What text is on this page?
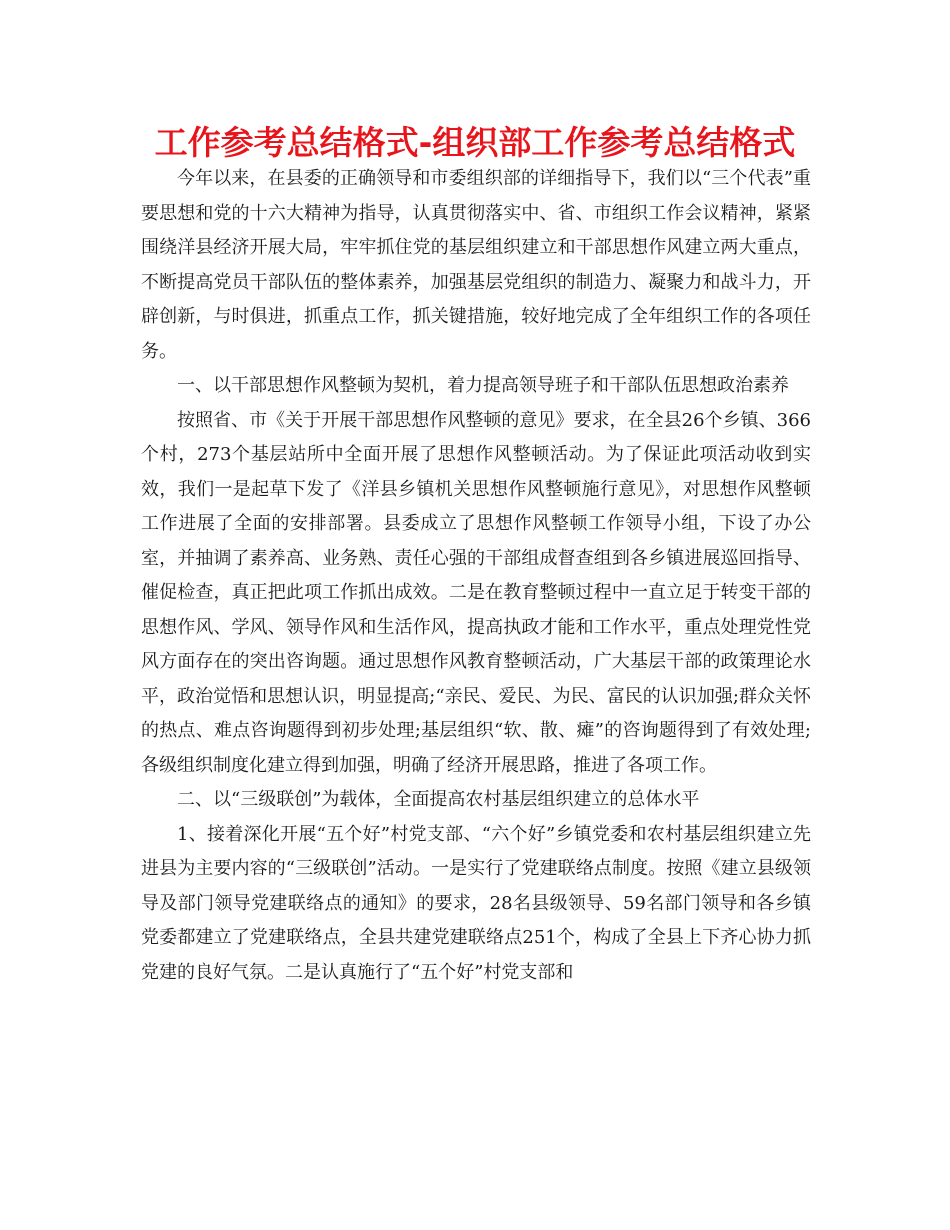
工作参考总结格式-组织部工作参考总结格式

今年以来，在县委的正确领导和市委组织部的详细指导下，我们以“三个代表”重要思想和党的十六大精神为指导，认真贯彻落实中、省、市组织工作会议精神，紧紧围绕洋县经济开展大局，牢牢抓住党的基层组织建立和干部思想作风建立两大重点，不断提高党员干部队伍的整体素养，加强基层党组织的制造力、凝聚力和战斗力，开辟创新，与时俱进，抓重点工作，抓关键措施，较好地完成了全年组织工作的各项任务。

一、以干部思想作风整顿为契机，着力提高领导班子和干部队伍思想政治素养

按照省、市《关于开展干部思想作风整顿的意见》要求，在全县26个乡镇、366个村，273个基层站所中全面开展了思想作风整顿活动。为了保证此项活动收到实效，我们一是起草下发了《洋县乡镇机关思想作风整顿施行意见》，对思想作风整顿工作进展了全面的安排部署。县委成立了思想作风整顿工作领导小组，下设了办公室，并抽调了素养高、业务熟、责任心强的干部组成督查组到各乡镇进展巡回指导、催促检查，真正把此项工作抓出成效。二是在教育整顿过程中一直立足于转变干部的思想作风、学风、领导作风和生活作风，提高执政才能和工作水平，重点处理党性党风方面存在的突出咨询题。通过思想作风教育整顿活动，广大基层干部的政策理论水平，政治觉悟和思想认识，明显提高;“亲民、爱民、为民、富民的认识加强;群众关怀的热点、难点咨询题得到初步处理;基层组织“软、散、瘫”的咨询题得到了有效处理;各级组织制度化建立得到加强，明确了经济开展思路，推进了各项工作。

二、以“三级联创”为载体，全面提高农村基层组织建立的总体水平

1、接着深化开展“五个好”村党支部、“六个好”乡镇党委和农村基层组织建立先进县为主要内容的“三级联创”活动。一是实行了党建联络点制度。按照《建立县级领导及部门领导党建联络点的通知》的要求，28名县级领导、59名部门领导和各乡镇党委都建立了党建联络点，全县共建党建联络点251个，构成了全县上下齐心协力抓党建的良好气氛。二是认真施行了“五个好”村党支部和
